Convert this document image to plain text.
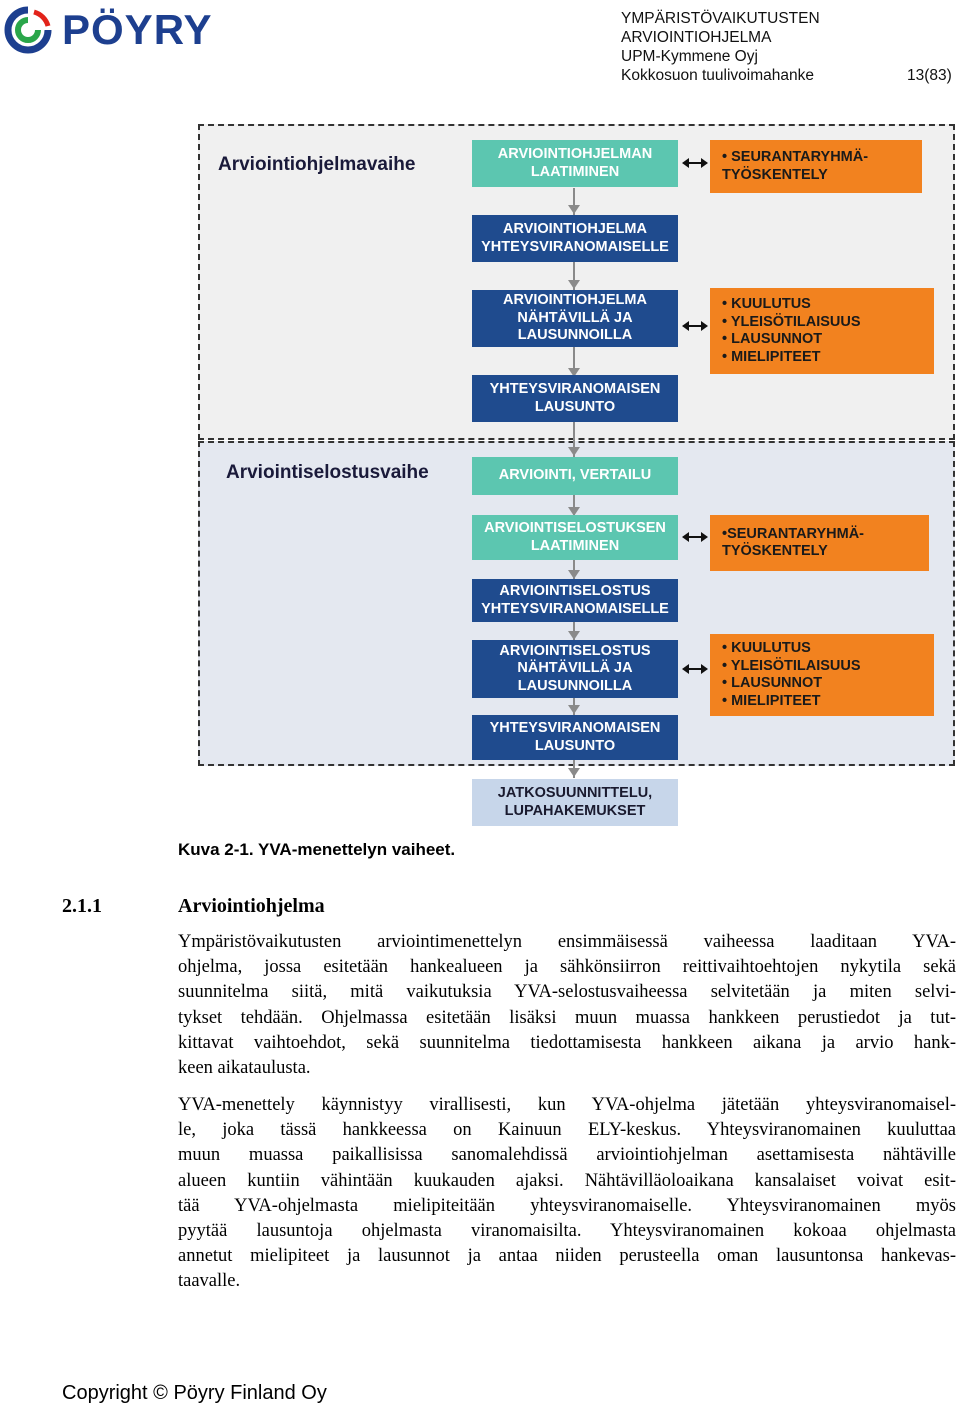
PÖYRY	YMPÄRISTÖVAIKUTUSTEN
ARVIOINTIOHJELMA
UPM-Kymmene Oyj
Kokkosuon tuulivoimahanke	13(83)
Arviointiohjelmavaihe
Arviointiselostusvaihe
ARVIOINTIOHJELMAN LAATIMINEN
ARVIOINTIOHJELMA YHTEYSVIRANOMAISELLE
ARVIOINTIOHJELMA NÄHTÄVILLÄ JA LAUSUNNOILLA
YHTEYSVIRANOMAISEN LAUSUNTO
ARVIOINTI, VERTAILU
ARVIOINTISELOSTUKSEN LAATIMINEN
ARVIOINTISELOSTUS YHTEYSVIRANOMAISELLE
ARVIOINTISELOSTUS NÄHTÄVILLÄ JA LAUSUNNOILLA
YHTEYSVIRANOMAISEN LAUSUNTO
JATKOSUUNNITTELU, LUPAHAKEMUKSET
• SEURANTARYHMÄ-
TYÖSKENTELY
• KUULUTUS
• YLEISÖTILAISUUS
• LAUSUNNOT
• MIELIPITEET
•SEURANTARYHMÄ-
TYÖSKENTELY
• KUULUTUS
• YLEISÖTILAISUUS
• LAUSUNNOT
• MIELIPITEET
Kuva 2-1. YVA-menettelyn vaiheet.
2.1.1	Arviointiohjelma
Ympäristövaikutusten arviointimenettelyn ensimmäisessä vaiheessa laaditaan YVA-
ohjelma, jossa esitetään hankealueen ja sähkönsiirron reittivaihtoehtojen nykytila sekä
suunnitelma siitä, mitä vaikutuksia YVA-selostusvaiheessa selvitetään ja miten selvi-
tykset tehdään. Ohjelmassa esitetään lisäksi muun muassa hankkeen perustiedot ja tut-
kittavat vaihtoehdot, sekä suunnitelma tiedottamisesta hankkeen aikana ja arvio hank-
keen aikataulusta.
YVA-menettely käynnistyy virallisesti, kun YVA-ohjelma jätetään yhteysviranomaisel-
le, joka tässä hankkeessa on Kainuun ELY-keskus. Yhteysviranomainen kuuluttaa
muun muassa paikallisissa sanomalehdissä arviointiohjelman asettamisesta nähtäville
alueen kuntiin vähintään kuukauden ajaksi. Nähtävilläoloaikana kansalaiset voivat esit-
tää YVA-ohjelmasta mielipiteitään yhteysviranomaiselle. Yhteysviranomainen myös
pyytää lausuntoja ohjelmasta viranomaisilta. Yhteysviranomainen kokoaa ohjelmasta
annetut mielipiteet ja lausunnot ja antaa niiden perusteella oman lausuntonsa hankevas-
taavalle.
Copyright © Pöyry Finland Oy
